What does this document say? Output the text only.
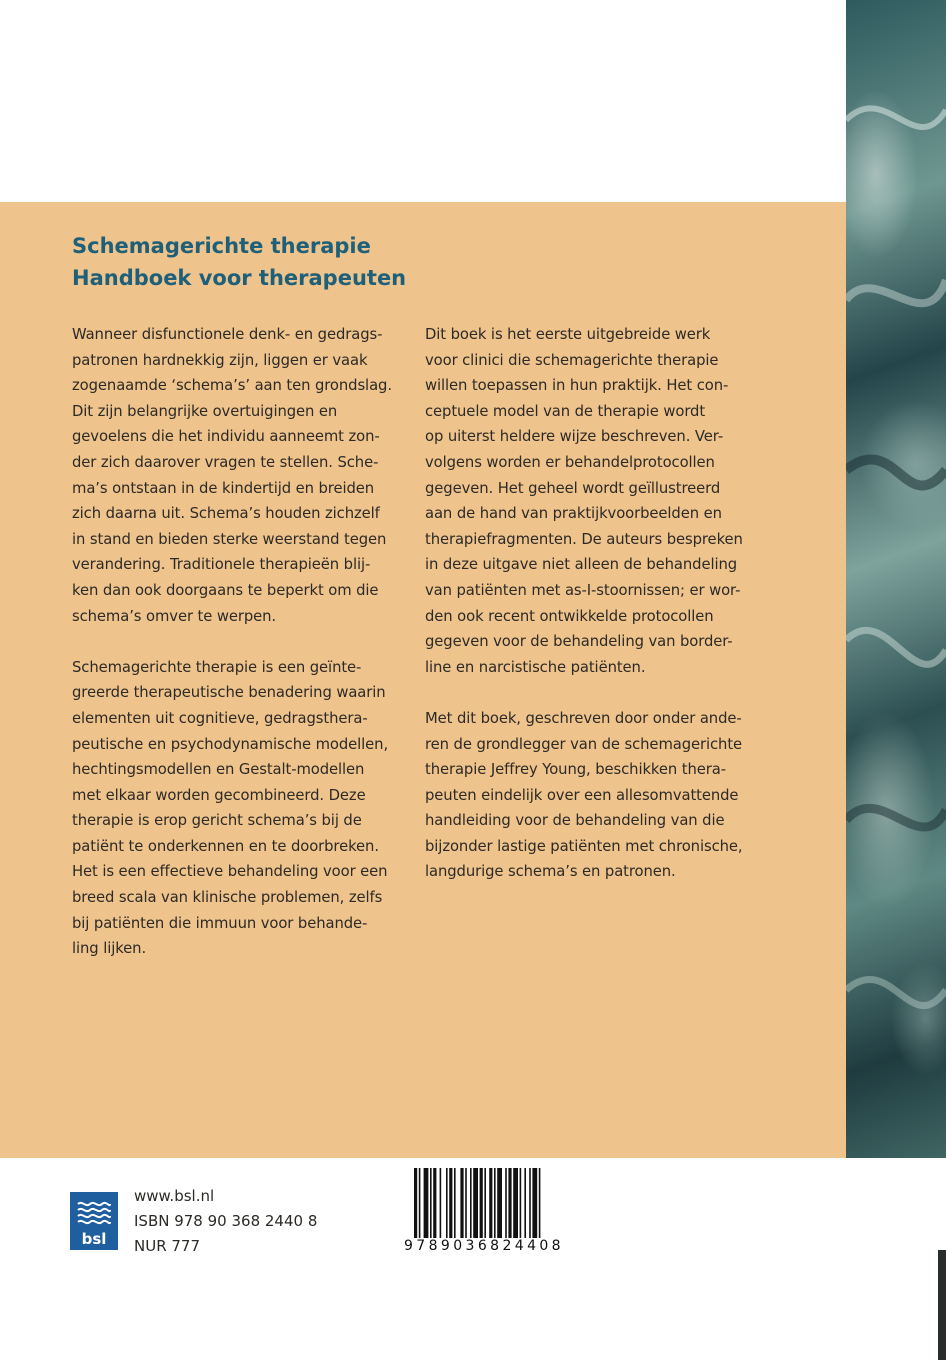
Schemagerichte therapie
Handboek voor therapeuten

Wanneer disfunctionele denk- en gedrags-
patronen hardnekkig zijn, liggen er vaak
zogenaamde ‘schema’s’ aan ten grondslag.
Dit zijn belangrijke overtuigingen en
gevoelens die het individu aanneemt zon-
der zich daarover vragen te stellen. Sche-
ma’s ontstaan in de kindertijd en breiden
zich daarna uit. Schema’s houden zichzelf
in stand en bieden sterke weerstand tegen
verandering. Traditionele therapieën blij-
ken dan ook doorgaans te beperkt om die
schema’s omver te werpen.

Schemagerichte therapie is een geïnte-
greerde therapeutische benadering waarin
elementen uit cognitieve, gedragsthera-
peutische en psychodynamische modellen,
hechtingsmodellen en Gestalt-modellen
met elkaar worden gecombineerd. Deze
therapie is erop gericht schema’s bij de
patiënt te onderkennen en te doorbreken.
Het is een effectieve behandeling voor een
breed scala van klinische problemen, zelfs
bij patiënten die immuun voor behande-
ling lijken.

Dit boek is het eerste uitgebreide werk
voor clinici die schemagerichte therapie
willen toepassen in hun praktijk. Het con-
ceptuele model van de therapie wordt
op uiterst heldere wijze beschreven. Ver-
volgens worden er behandelprotocollen
gegeven. Het geheel wordt geïllustreerd
aan de hand van praktijkvoorbeelden en
therapiefragmenten. De auteurs bespreken
in deze uitgave niet alleen de behandeling
van patiënten met as-I-stoornissen; er wor-
den ook recent ontwikkelde protocollen
gegeven voor de behandeling van border-
line en narcistische patiënten.

Met dit boek, geschreven door onder ande-
ren de grondlegger van de schemagerichte
therapie Jeffrey Young, beschikken thera-
peuten eindelijk over een allesomvattende
handleiding voor de behandeling van die
bijzonder lastige patiënten met chronische,
langdurige schema’s en patronen.

bsl
www.bsl.nl
ISBN 978 90 368 2440 8
NUR 777	9789036824408
